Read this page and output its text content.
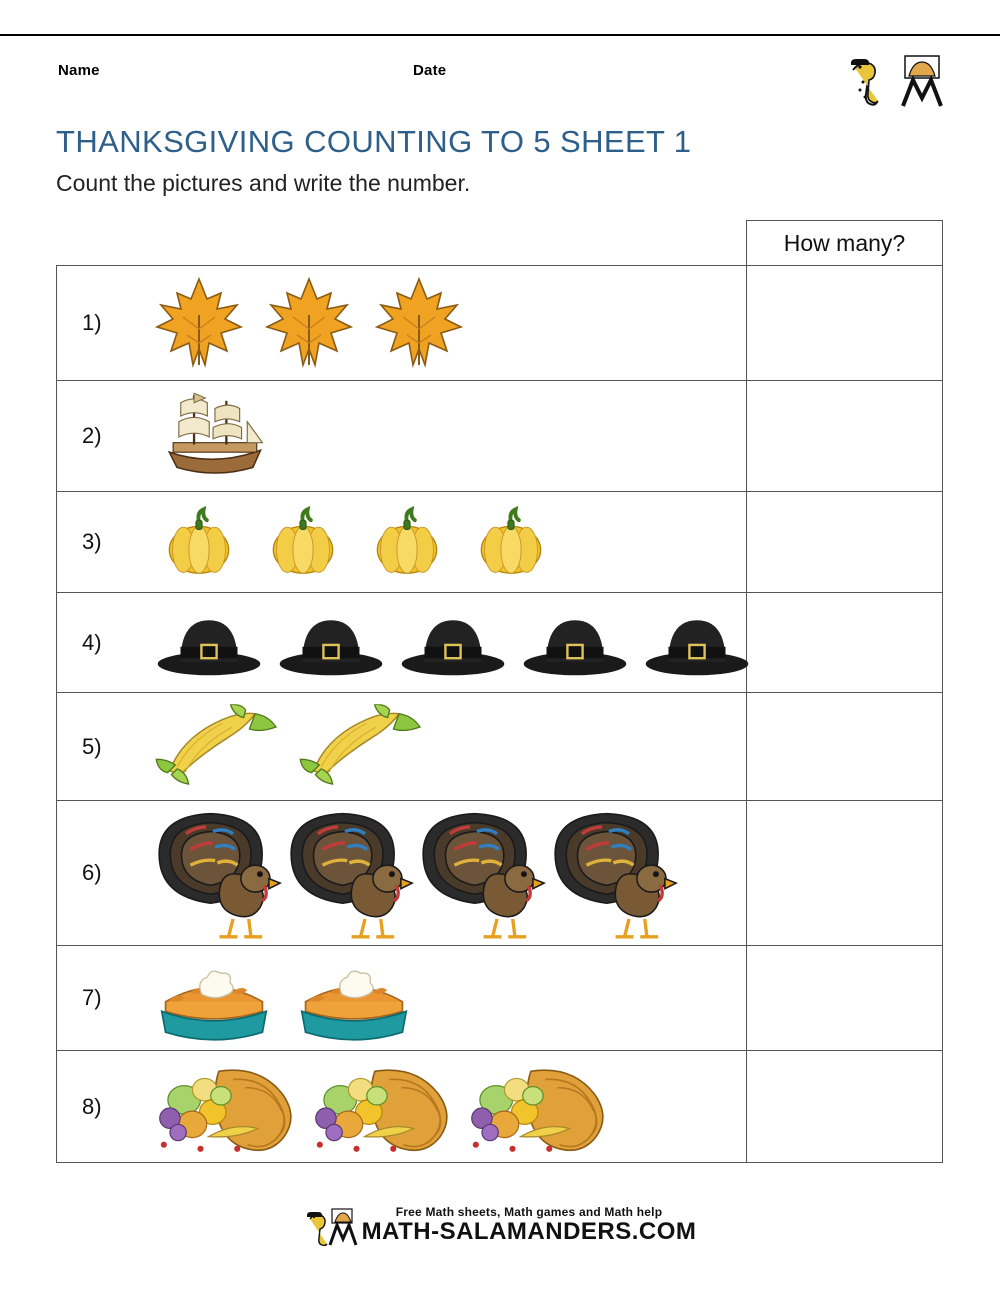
Name	Date
THANKSGIVING COUNTING TO 5 SHEET 1
Count the pictures and write the number.
		How many?
1)	

2)	

3)	

4)	

5)	

6)	

7)	

8)	

Free Math sheets, Math games and Math help
MATH-SALAMANDERS.COM
